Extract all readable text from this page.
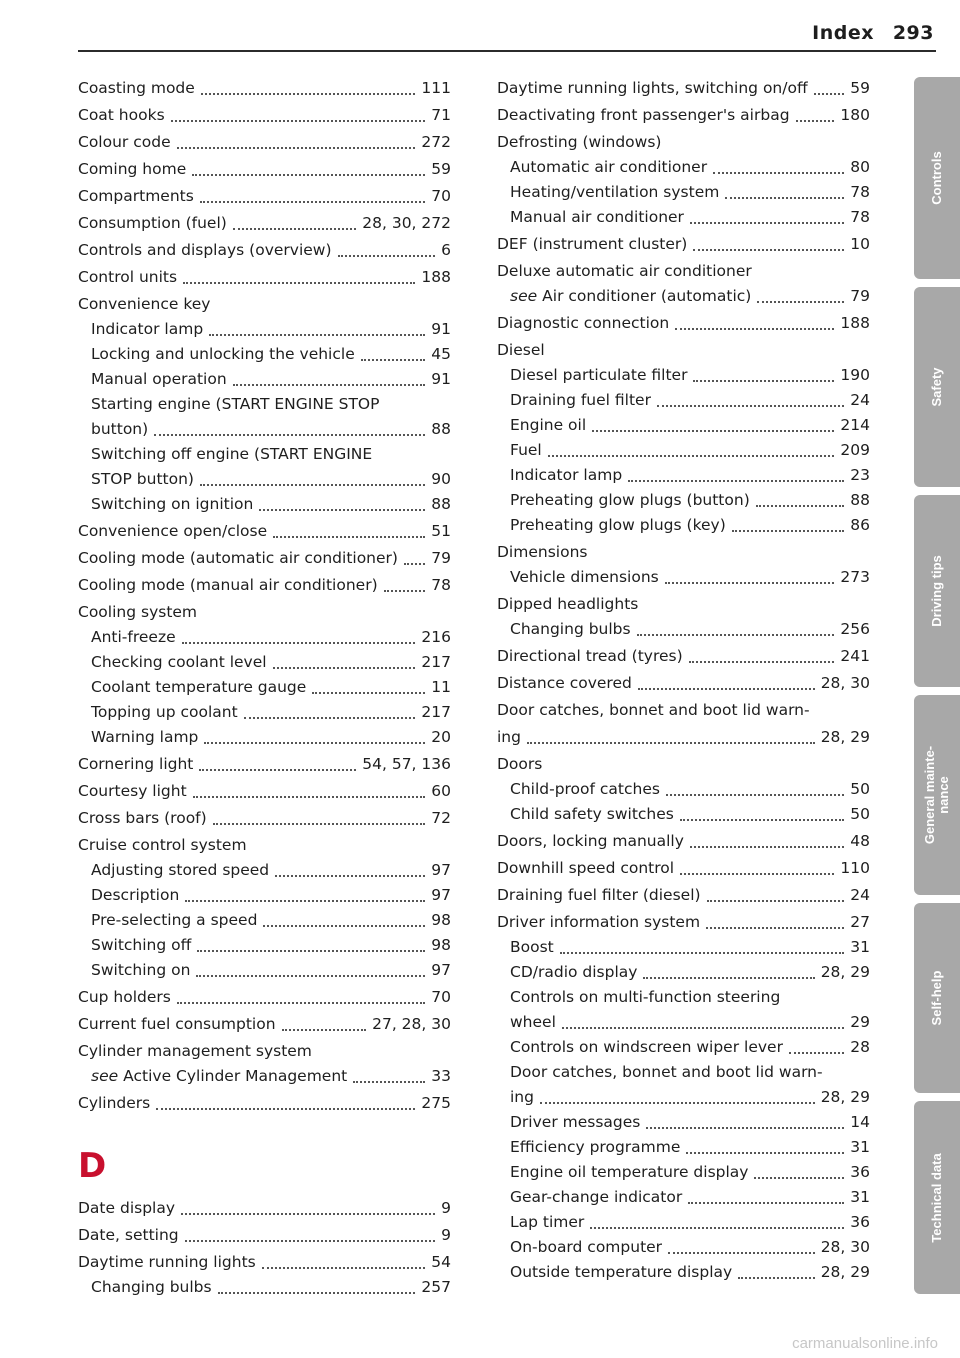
Index 293
Coasting mode	111
Coat hooks	71
Colour code	272
Coming home	59
Compartments	70
Consumption (fuel)	28, 30, 272
Controls and displays (overview)	6
Control units	188
Convenience key
Indicator lamp	91
Locking and unlocking the vehicle	45
Manual operation	91
Starting engine (START ENGINE STOP
button)	88
Switching off engine (START ENGINE
STOP button)	90
Switching on ignition	88
Convenience open/close	51
Cooling mode (automatic air conditioner) 79
Cooling mode (manual air conditioner)	78
Cooling system
Anti-freeze	216
Checking coolant level	217
Coolant temperature gauge	11
Topping up coolant	217
Warning lamp	20
Cornering light	54, 57, 136
Courtesy light	60
Cross bars (roof)	72
Cruise control system
Adjusting stored speed	97
Description	97
Pre-selecting a speed	98
Switching off	98
Switching on	97
Cup holders	70
Current fuel consumption	27, 28, 30
Cylinder management system
see Active Cylinder Management	33
Cylinders	275
D
Date display	9
Date, setting	9
Daytime running lights	54
Changing bulbs	257
Daytime running lights, switching on/off	59
Deactivating front passenger's airbag	180
Defrosting (windows)
Automatic air conditioner	80
Heating/ventilation system	78
Manual air conditioner	78
DEF (instrument cluster)	10
Deluxe automatic air conditioner
see Air conditioner (automatic)	79
Diagnostic connection	188
Diesel
Diesel particulate filter	190
Draining fuel filter	24
Engine oil	214
Fuel	209
Indicator lamp	23
Preheating glow plugs (button)	88
Preheating glow plugs (key)	86
Dimensions
Vehicle dimensions	273
Dipped headlights
Changing bulbs	256
Directional tread (tyres)	241
Distance covered	28, 30
Door catches, bonnet and boot lid warn-
ing	28, 29
Doors
Child-proof catches	50
Child safety switches	50
Doors, locking manually	48
Downhill speed control	110
Draining fuel filter (diesel)	24
Driver information system	27
Boost	31
CD/radio display	28, 29
Controls on multi-function steering
wheel	29
Controls on windscreen wiper lever	28
Door catches, bonnet and boot lid warn-
ing	28, 29
Driver messages	14
Efficiency programme	31
Engine oil temperature display	36
Gear-change indicator	31
Lap timer	36
On-board computer	28, 30
Outside temperature display	28, 29
Controls
Safety
Driving tips
General mainte-
nance
Self-help
Technical data
carmanualsonline.info
